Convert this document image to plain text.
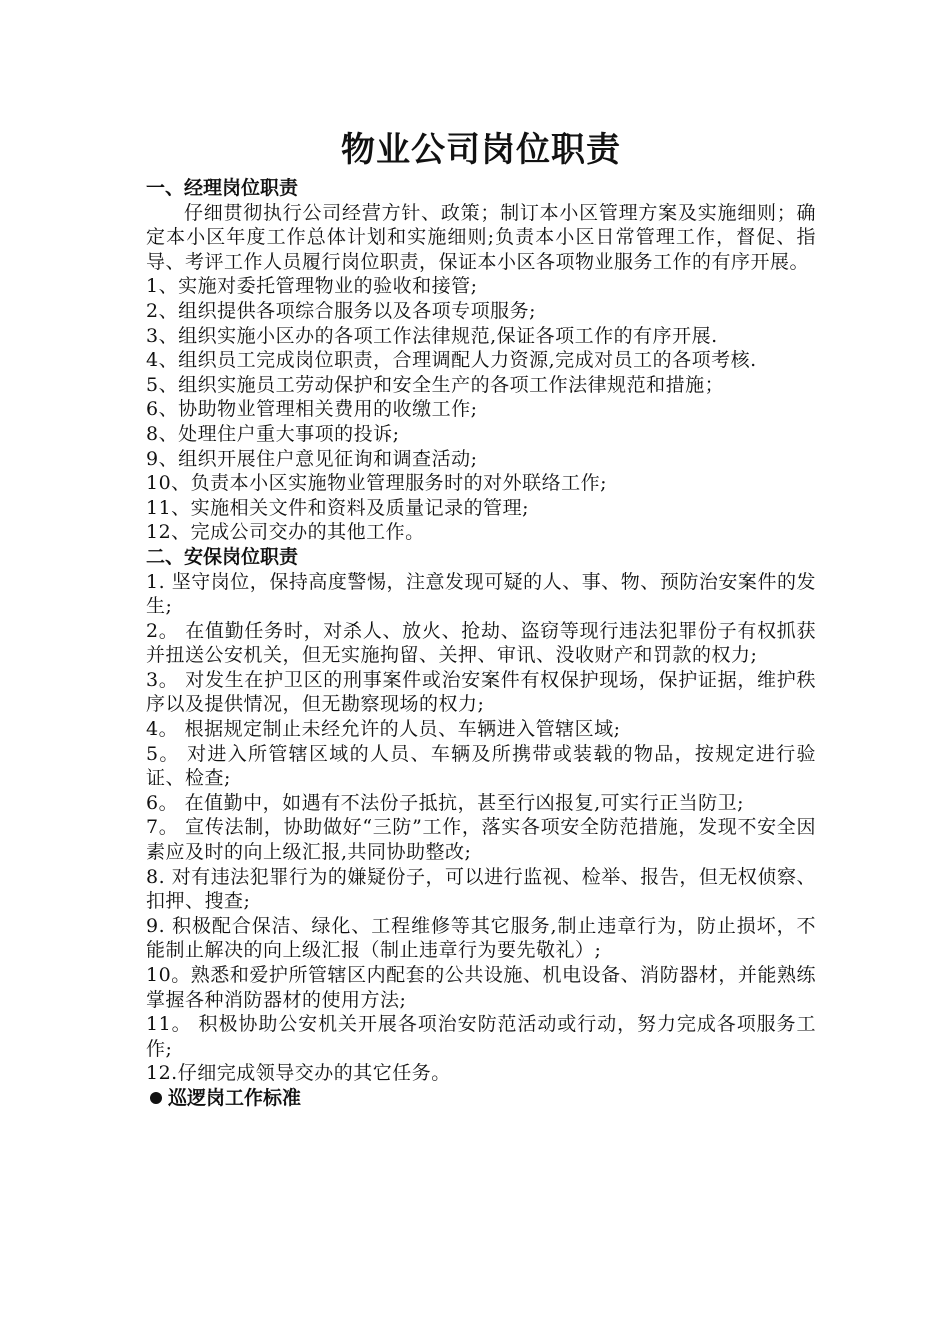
物业公司岗位职责

一、经理岗位职责

仔细贯彻执行公司经营方针、政策；制订本小区管理方案及实施细则；确定本小区年度工作总体计划和实施细则;负责本小区日常管理工作，督促、指导、考评工作人员履行岗位职责，保证本小区各项物业服务工作的有序开展。

1、实施对委托管理物业的验收和接管;

2、组织提供各项综合服务以及各项专项服务;

3、组织实施小区办的各项工作法律规范,保证各项工作的有序开展.

4、组织员工完成岗位职责，合理调配人力资源,完成对员工的各项考核.

5、组织实施员工劳动保护和安全生产的各项工作法律规范和措施；

6、协助物业管理相关费用的收缴工作;

8、处理住户重大事项的投诉;

9、组织开展住户意见征询和调查活动;

10、负责本小区实施物业管理服务时的对外联络工作;

11、实施相关文件和资料及质量记录的管理;

12、完成公司交办的其他工作。

二、安保岗位职责

1. 坚守岗位，保持高度警惕，注意发现可疑的人、事、物、预防治安案件的发生;

2。 在值勤任务时，对杀人、放火、抢劫、盗窃等现行违法犯罪份子有权抓获并扭送公安机关，但无实施拘留、关押、审讯、没收财产和罚款的权力;

3。 对发生在护卫区的刑事案件或治安案件有权保护现场，保护证据，维护秩序以及提供情况，但无勘察现场的权力;

4。 根据规定制止未经允许的人员、车辆进入管辖区域;

5。 对进入所管辖区域的人员、车辆及所携带或装载的物品，按规定进行验证、检查;

6。 在值勤中，如遇有不法份子抵抗，甚至行凶报复,可实行正当防卫;

7。 宣传法制，协助做好“三防”工作，落实各项安全防范措施，发现不安全因素应及时的向上级汇报,共同协助整改;

8. 对有违法犯罪行为的嫌疑份子，可以进行监视、检举、报告，但无权侦察、扣押、搜查;

9. 积极配合保洁、绿化、工程维修等其它服务,制止违章行为，防止损坏，不能制止解决的向上级汇报（制止违章行为要先敬礼）;

10。熟悉和爱护所管辖区内配套的公共设施、机电设备、消防器材，并能熟练掌握各种消防器材的使用方法;

11。 积极协助公安机关开展各项治安防范活动或行动，努力完成各项服务工作;

12.仔细完成领导交办的其它任务。

巡逻岗工作标准
